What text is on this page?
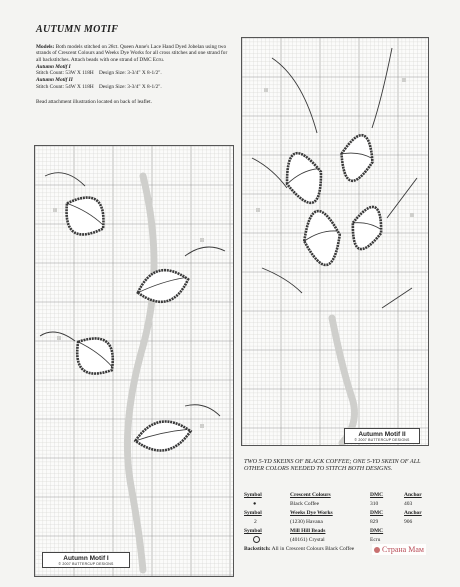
AUTUMN MOTIF
Models: Both models stitched on 28ct. Queen Anne's Lace Hand Dyed Jobelan using two strands of Crescent Colours and Weeks Dye Works for all cross stitches and one strand for all backstitches. Attach beads with one strand of DMC Ecru.
Autumn Motif I
Stitch Count: 53W X 118H Design Size: 3-3/4" X 8-1/2".
Autumn Motif II
Stitch Count: 54W X 118H Design Size: 3-3/4" X 8-1/2".
Bead attachment illustration located on back of leaflet.
Autumn Motif I
© 2007 BUTTERCUP DESIGNS
Autumn Motif II
© 2007 BUTTERCUP DESIGNS
TWO 5-YD SKEINS OF BLACK COFFEE; ONE 5-YD SKEIN OF ALL OTHER COLORS NEEDED TO STITCH BOTH DESIGNS.
Symbol	Crescent Colours	DMC	Anchor
●	Black Coffee	310	403
Symbol	Weeks Dye Works	DMC	Anchor
2	(1230) Havana	829	906
Symbol	Mill Hill Beads	DMC
(40161) Crystal	Ecru
Backstitch: All in Crescent Colours Black Coffee	Страна Мам
